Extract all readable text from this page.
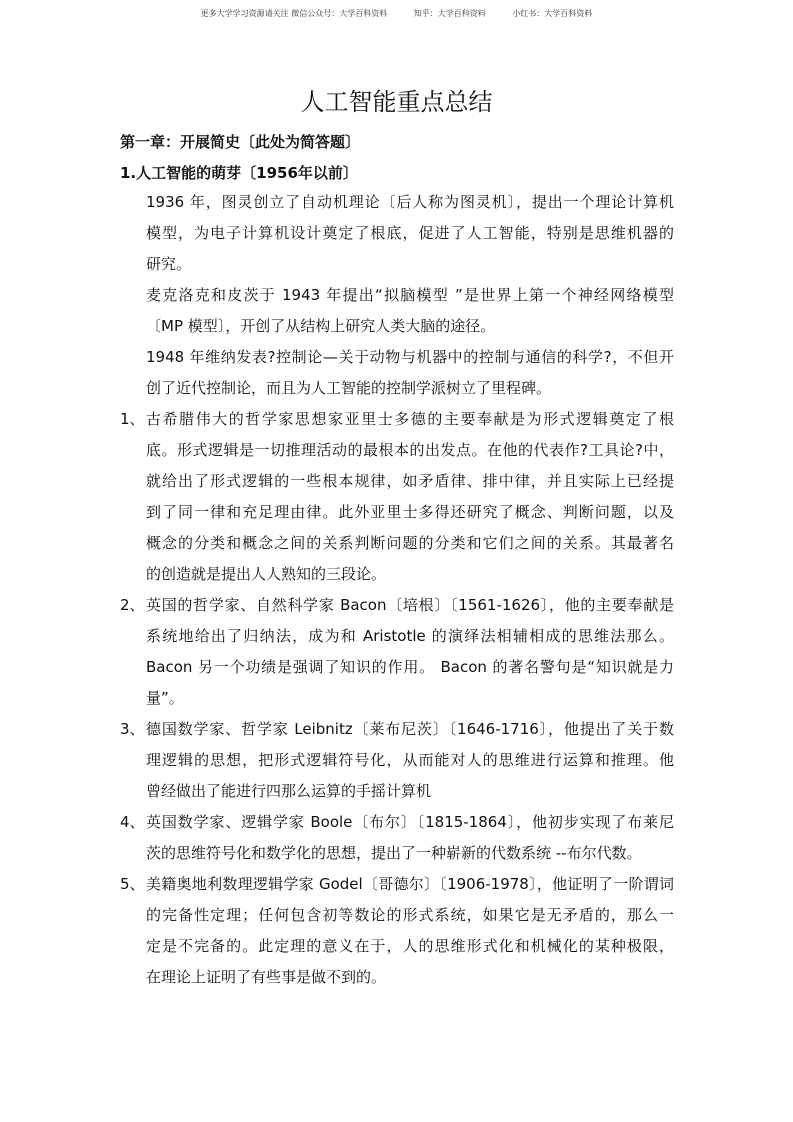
更多大学学习资源请关注 微信公众号：大学百科资料	知乎：大学百科资料	小红书：大学百科资料
人工智能重点总结
第一章：开展简史〔此处为简答题〕
1.人工智能的萌芽〔1956年以前〕
1936 年，图灵创立了自动机理论〔后人称为图灵机〕，提出一个理论计算机
模型，为电子计算机设计奠定了根底，促进了人工智能，特别是思维机器的
研究。
麦克洛克和皮茨于 1943 年提出“拟脑模型 ”是世界上第一个神经网络模型
〔MP 模型〕，开创了从结构上研究人类大脑的途径。
1948 年维纳发表?控制论—关于动物与机器中的控制与通信的科学?，不但开
创了近代控制论，而且为人工智能的控制学派树立了里程碑。
1、 古希腊伟大的哲学家思想家亚里士多德的主要奉献是为形式逻辑奠定了根
底。形式逻辑是一切推理活动的最根本的出发点。在他的代表作?工具论?中，
就给出了形式逻辑的一些根本规律，如矛盾律、排中律，并且实际上已经提
到了同一律和充足理由律。此外亚里士多得还研究了概念、判断问题，以及
概念的分类和概念之间的关系判断问题的分类和它们之间的关系。其最著名
的创造就是提出人人熟知的三段论。
2、 英国的哲学家、自然科学家 Bacon〔培根〕〔1561-1626〕，他的主要奉献是
系统地给出了归纳法，成为和 Aristotle 的演绎法相辅相成的思维法那么。
Bacon 另一个功绩是强调了知识的作用。 Bacon 的著名警句是“知识就是力
量”。
3、 德国数学家、哲学家 Leibnitz〔莱布尼茨〕〔1646-1716〕，他提出了关于数
理逻辑的思想，把形式逻辑符号化，从而能对人的思维进行运算和推理。他
曾经做出了能进行四那么运算的手摇计算机
4、 英国数学家、逻辑学家 Boole〔布尔〕〔1815-1864〕，他初步实现了布莱尼
茨的思维符号化和数学化的思想，提出了一种崭新的代数系统 --布尔代数。
5、 美籍奥地利数理逻辑学家 Godel〔哥德尔〕〔1906-1978〕，他证明了一阶谓词
的完备性定理；任何包含初等数论的形式系统，如果它是无矛盾的，那么一
定是不完备的。此定理的意义在于，人的思维形式化和机械化的某种极限，
在理论上证明了有些事是做不到的。
